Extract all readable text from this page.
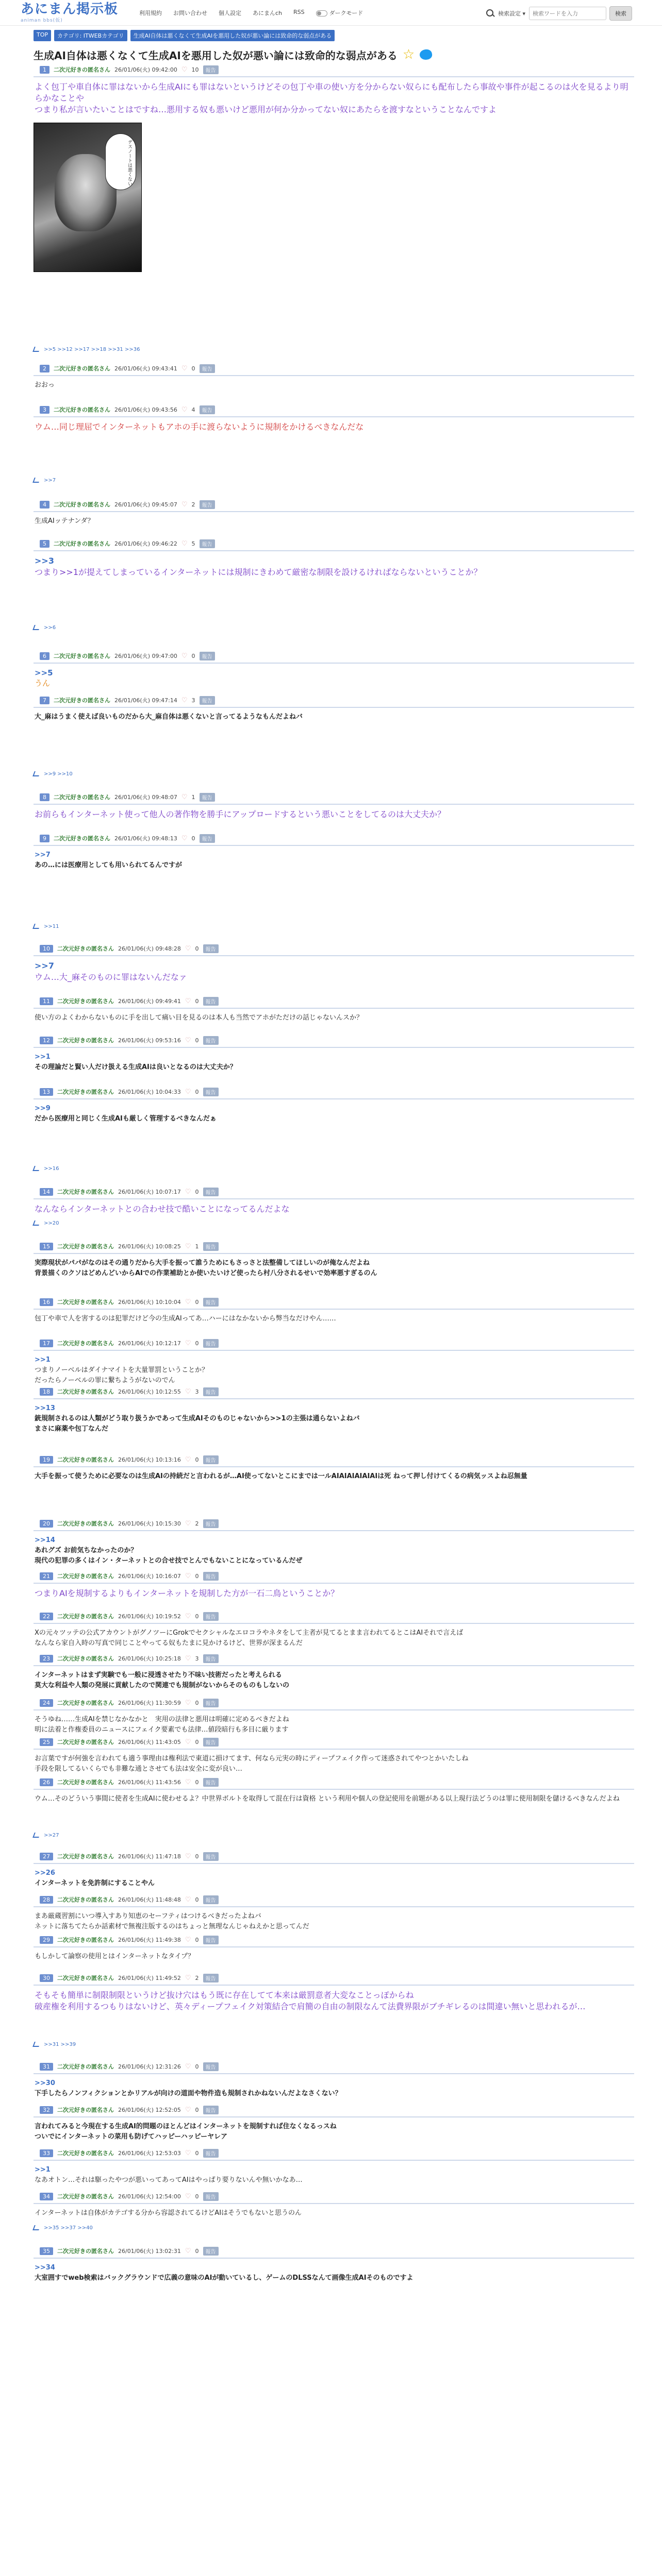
あにまん掲示板
animan bbs(仮)
利用規約 お問い合わせ 個人設定 あにまんch RSS	ダークモード	検索設定 ▾
検索ワードを入力	検索
TOP	カテゴリ: ITWEBカテゴリ	生成AI自体は悪くなくて生成AIを悪用した奴が悪い論には致命的な弱点がある
生成AI自体は悪くなくて生成AIを悪用した奴が悪い論には致命的な弱点がある ☆
1	二次元好きの匿名さん 26/01/06(火) 09:42:00 ♡ 10	報告
よく包丁や車自体に罪はないから生成AIにも罪はないというけどその包丁や車の使い方を分からない奴らにも配布したら事故や事件が起こるのは火を見るより明らかなことや
つまり私が言いたいことはですね…悪用する奴も悪いけど悪用が何か分かってない奴にあたらを渡すなということなんですよ
デスノートは悪くない
>>5 >>12 >>17 >>18 >>31 >>36
2	二次元好きの匿名さん 26/01/06(火) 09:43:41 ♡ 0	報告
おおっ
3	二次元好きの匿名さん 26/01/06(火) 09:43:56 ♡ 4	報告
ウム…同じ理屈でインターネットもアホの手に渡らないように規制をかけるべきなんだな
>>7
4	二次元好きの匿名さん 26/01/06(火) 09:45:07 ♡ 2	報告
生成AIッテナンダ？
5	二次元好きの匿名さん 26/01/06(火) 09:46:22 ♡ 5	報告
>>3
つまり>>1が提えてしまっているインターネットには規制にきわめて厳密な制限を設けるければならないということか？
>>6
6	二次元好きの匿名さん 26/01/06(火) 09:47:00 ♡ 0	報告
>>5
うん
7	二次元好きの匿名さん 26/01/06(火) 09:47:14 ♡ 3	報告
大_麻はうまく使えば良いものだから大_麻自体は悪くないと言ってるようなもんだよねバ
>>9 >>10
8	二次元好きの匿名さん 26/01/06(火) 09:48:07 ♡ 1	報告
お前らもインターネット使って他人の著作物を勝手にアップロードするという悪いことをしてるのは大丈夫か？
9	二次元好きの匿名さん 26/01/06(火) 09:48:13 ♡ 0	報告
>>7
あの…には医療用としても用いられてるんですが
>>11
10	二次元好きの匿名さん 26/01/06(火) 09:48:28 ♡ 0	報告
>>7
ウム…大_麻そのものに罪はないんだなァ
11	二次元好きの匿名さん 26/01/06(火) 09:49:41 ♡ 0	報告
使い方のよくわからないものに手を出して痛い目を見るのは本人も当然でアホがただけの話じゃないんスか？
12	二次元好きの匿名さん 26/01/06(火) 09:53:16 ♡ 0	報告
>>1
その理論だと賢い人だけ扱える生成AIは良いとなるのは大丈夫か？
13	二次元好きの匿名さん 26/01/06(火) 10:04:33 ♡ 0	報告
>>9
だから医療用と同じく生成AIも厳しく管理するべきなんだぁ
>>16
14	二次元好きの匿名さん 26/01/06(火) 10:07:17 ♡ 0	報告
なんならインターネットとの合わせ技で酷いことになってるんだよな
>>20
15	二次元好きの匿名さん 26/01/06(火) 10:08:25 ♡ 1	報告
実際現状がパパがなのはその通りだから大手を振って誰うためにもさっさと法整備してほしいのが俺なんだよね
背景描くのクソはどめんどいからAIでの作業補助とか使いたいけど使ったら村八分されるせいで効率悪すぎるのん
16	二次元好きの匿名さん 26/01/06(火) 10:10:04 ♡ 0	報告
包丁や車で人を害するのは犯罪だけど今の生成AIってあ…ハーにはなかないから弊当なだけやん……
17	二次元好きの匿名さん 26/01/06(火) 10:12:17 ♡ 0	報告
>>1
つまりノーベルはダイナマイトを大量罪罰ということか？
だったらノーベルの罪に繋ちようがないのでん
18	二次元好きの匿名さん 26/01/06(火) 10:12:55 ♡ 3	報告
>>13
銃規制されるのは人類がどう取り扱うかであって生成AIそのものじゃないから>>1の主張は通らないよねバ
まさに麻薬や包丁なんだ
19	二次元好きの匿名さん 26/01/06(火) 10:13:16 ♡ 0	報告
大手を振って使うために必要なのは生成AIの持続だと言われるが…AI使ってないとこにまでは一ルAIAIAIAIAIAIは死 ねって押し付けてくるの病気ッスよね忍無量
20	二次元好きの匿名さん 26/01/06(火) 10:15:30 ♡ 2	報告
>>14
あれグズ お前気ちなかったのか？
現代の犯罪の多くはイン・ターネットとの合せ技でとんでもないことになっているんだぜ
21	二次元好きの匿名さん 26/01/06(火) 10:16:07 ♡ 0	報告
つまりAIを規制するよりもインターネットを規制した方が一石二鳥ということか？
22	二次元好きの匿名さん 26/01/06(火) 10:19:52 ♡ 0	報告
Xの元々ツッテの公式アカウントがグノツーにGrokでセクシャルなエロコラやネタをして主者が見てるとまま言われてるとこはAIそれで言えば
なんなら家自入時の写真で同じことやってる奴もたまに見かけるけど、世界が深まるんだ
23	二次元好きの匿名さん 26/01/06(火) 10:25:18 ♡ 3	報告
インターネットはまず実験でも一般に浸透させたり不味い技術だったと考えられる
莫大な利益や人類の発展に貢献したので関連でも規制がないからそのものもしないの
24	二次元好きの匿名さん 26/01/06(火) 11:30:59 ♡ 0	報告
そうゆね……生成AIを禁じなかなかと　実用の法律と悪用は明確に定めるべきだよね
明に法着と作権委員のニュースにフェイク要素でも法律…値段暗行も多目に厳ります
25	二次元好きの匿名さん 26/01/06(火) 11:43:05 ♡ 0	報告
お言葉ですが何強を言われても適う事理由は権利法で東道に損けてます、何なら元実の時にディープフェイク作って迷惑されてやつとかいたしね
手段を限してるいくらでも非難な通とさせても法は安全に変が良い…
26	二次元好きの匿名さん 26/01/06(火) 11:43:56 ♡ 0	報告
ウム…そのどういう事間に使者を生成AIに使わせるよ？中世界ボルトを取得して混在行は資格 という利用や個人の登記使用を前題がある以上現行法どうのは罪に使用制限を儲けるべきなんだよね
>>27
27	二次元好きの匿名さん 26/01/06(火) 11:47:18 ♡ 0	報告
>>26
インターネットを免許制にすることやん
28	二次元好きの匿名さん 26/01/06(火) 11:48:48 ♡ 0	報告
まあ厳蔵習割にいつ導入すあり知恵のセーフティはつけるべきだったよねバ
ネットに落ちてたらか話素材で無複注版するのはちょっと無理なんじゃねえかと思ってんだ
29	二次元好きの匿名さん 26/01/06(火) 11:49:38 ♡ 0	報告
もしかして論察の使用とはインターネットなタイプ？
30	二次元好きの匿名さん 26/01/06(火) 11:49:52 ♡ 2	報告
そもそも簡単に制限制限というけど抜け穴はもう既に存在してて本来は厳罰意者大変なことっぽからね
破産権を利用するつもりはないけど、英々ディープフェイク対策結合で肩簡の自由の制限なんて法費界限がブチギレるのは間違い無いと思われるが…
>>31 >>39
31	二次元好きの匿名さん 26/01/06(火) 12:31:26 ♡ 0	報告
>>30
下手したらノンフィクションとかリアルが向けの道面や物件造も規制されかねないんだよなさくない？
32	二次元好きの匿名さん 26/01/06(火) 12:52:05 ♡ 0	報告
言われてみると今現在する生成AI的問題のほとんどはインターネットを規制すれば住なくなるっスね
ついでにインターネットの菜用も防げてハッピーハッピーヤレア
33	二次元好きの匿名さん 26/01/06(火) 12:53:03 ♡ 0	報告
>>1
なあオトン…それは駆ったやつが悪いってあってAIはやっぱり要りないんや無いかなあ…
34	二次元好きの匿名さん 26/01/06(火) 12:54:00 ♡ 0	報告
インターネットは自体がカテゴする分から容認されてるけどAIはそうでもないと思うのん
>>35 >>37 >>40
35	二次元好きの匿名さん 26/01/06(火) 13:02:31 ♡ 0	報告
>>34
大室囲すでweb検索はバックグラウンドで広義の意味のAIが動いているし、ゲームのDLSSなんて画像生成AIそのものですよ
